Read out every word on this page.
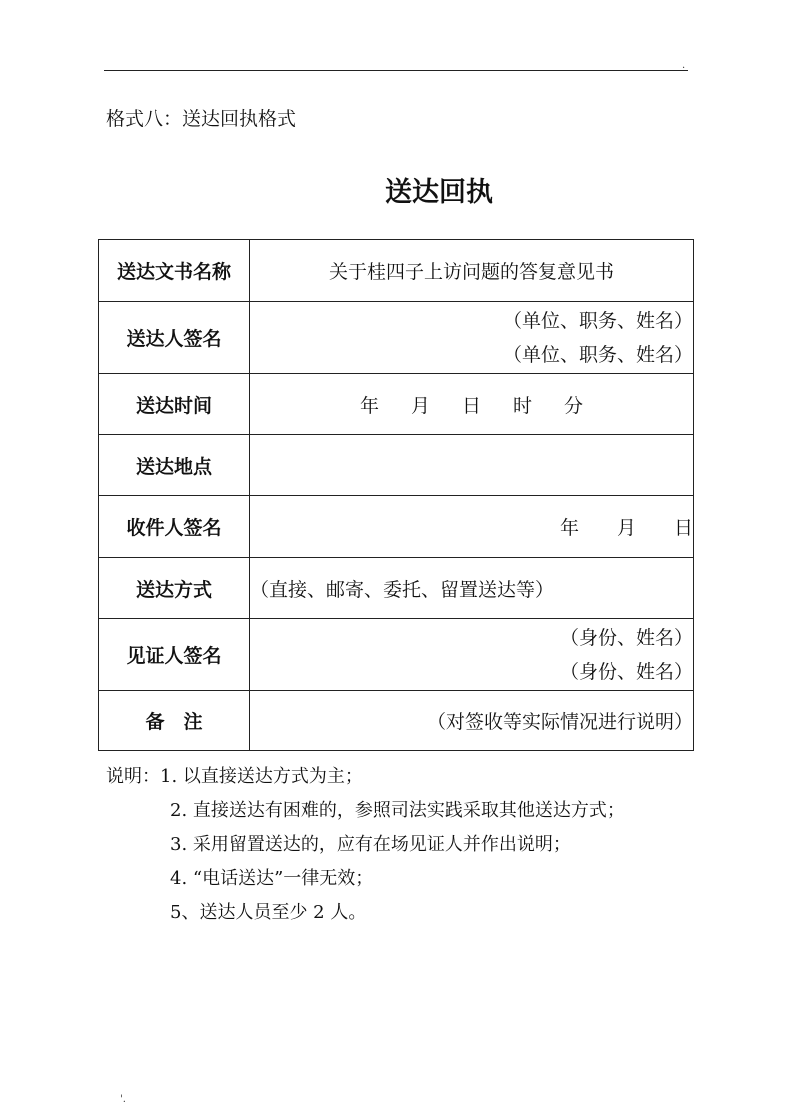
.
格式八：送达回执格式
送达回执
送达文书名称	关于桂四子上访问题的答复意见书
送达人签名	（单位、职务、姓名）
（单位、职务、姓名）

送达时间	年 月 日 时 分
送达地点	
收件人签名	年 月 日
送达方式	（直接、邮寄、委托、留置送达等）
见证人签名	（身份、姓名）
（身份、姓名）

备　注	（对签收等实际情况进行说明）
说明：1. 以直接送达方式为主；
2. 直接送达有困难的，参照司法实践采取其他送达方式；
3. 采用留置送达的，应有在场见证人并作出说明；
4. “电话送达”一律无效；
5、送达人员至少 2 人。
'.
